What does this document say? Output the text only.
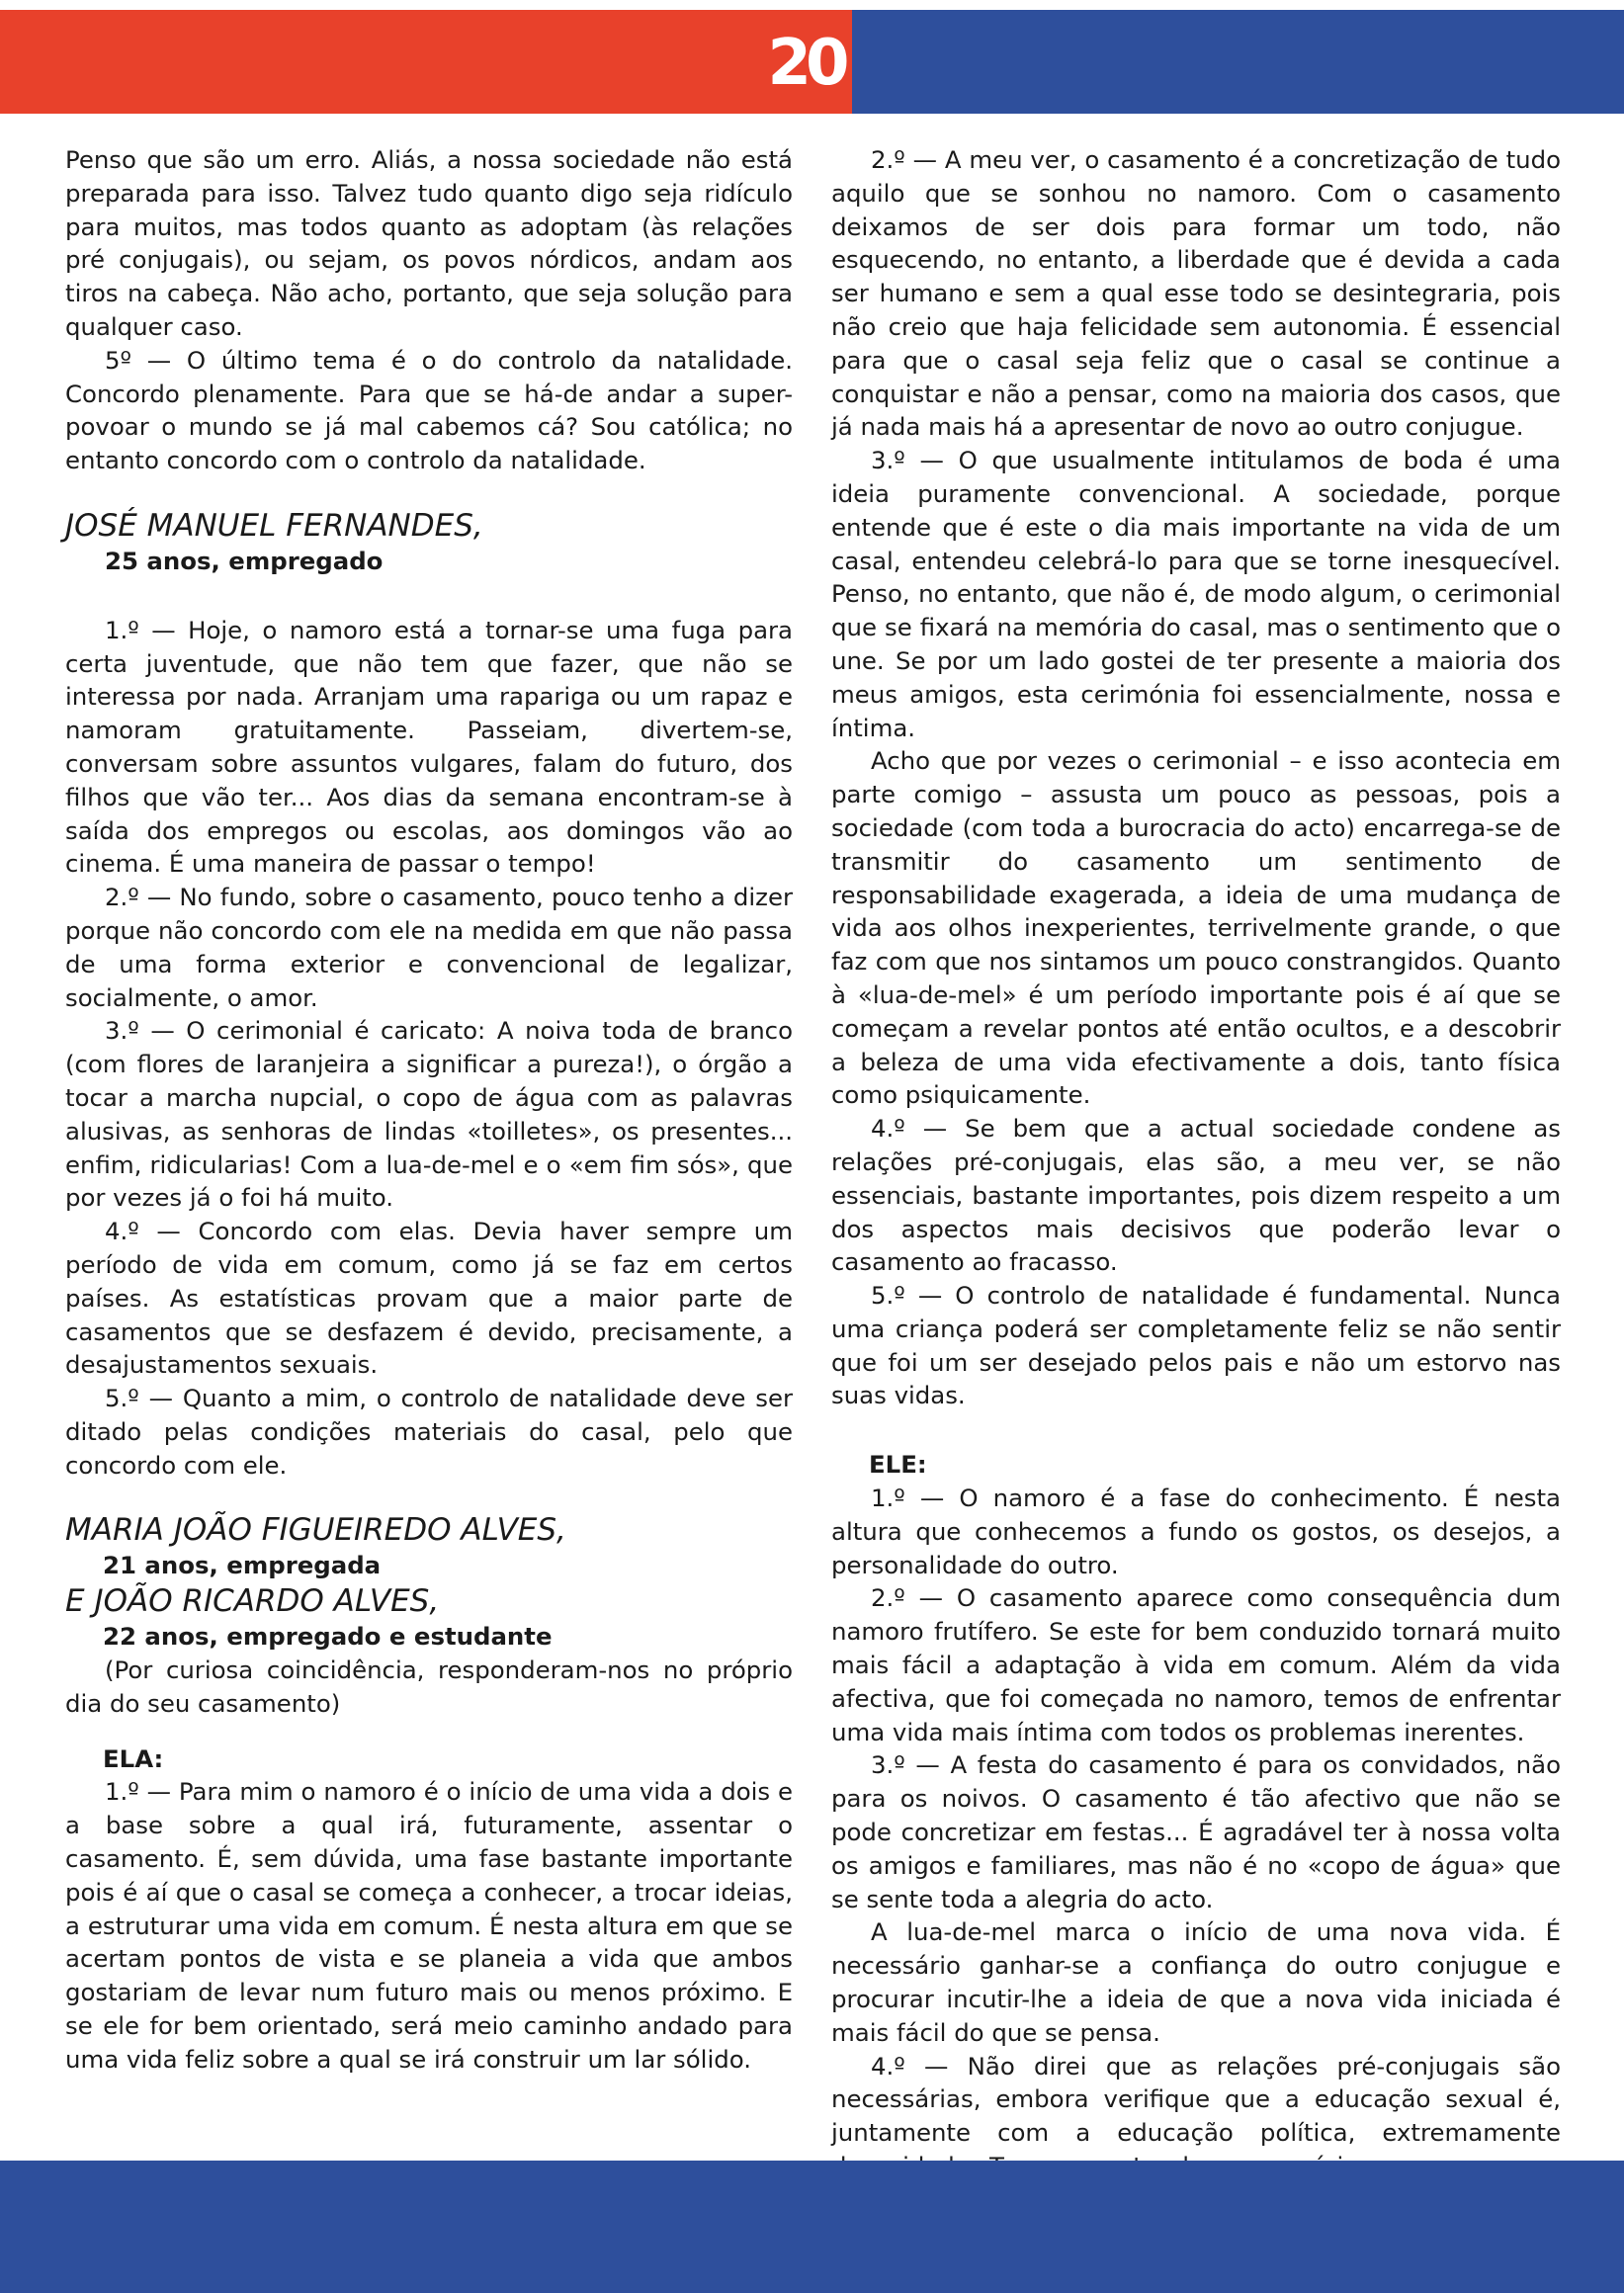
20

Penso que são um erro. Aliás, a nossa sociedade não está preparada para isso. Talvez tudo quanto digo seja ridículo para muitos, mas todos quanto as adoptam (às relações pré conjugais), ou sejam, os povos nórdicos, andam aos tiros na cabeça. Não acho, portanto, que seja solução para qualquer caso.

5º — O último tema é o do controlo da natalidade. Concordo plenamente. Para que se há-de andar a super-povoar o mundo se já mal cabemos cá? Sou católica; no entanto concordo com o controlo da natalidade.

JOSÉ MANUEL FERNANDES,

25 anos, empregado

1.º — Hoje, o namoro está a tornar-se uma fuga para certa juventude, que não tem que fazer, que não se interessa por nada. Arranjam uma rapariga ou um rapaz e namoram gratuitamente. Passeiam, divertem-se, conversam sobre assuntos vulgares, falam do futuro, dos filhos que vão ter... Aos dias da semana encontram-se à saída dos empregos ou escolas, aos domingos vão ao cinema. É uma maneira de passar o tempo!

2.º — No fundo, sobre o casamento, pouco tenho a dizer porque não concordo com ele na medida em que não passa de uma forma exterior e convencional de legalizar, socialmente, o amor.

3.º — O cerimonial é caricato: A noiva toda de branco (com flores de laranjeira a significar a pureza!), o órgão a tocar a marcha nupcial, o copo de água com as palavras alusivas, as senhoras de lindas «toilletes», os presentes... enfim, ridicularias! Com a lua-de-mel e o «em fim sós», que por vezes já o foi há muito.

4.º — Concordo com elas. Devia haver sempre um período de vida em comum, como já se faz em certos países. As estatísticas provam que a maior parte de casamentos que se desfazem é devido, precisamente, a desajustamentos sexuais.

5.º — Quanto a mim, o controlo de natalidade deve ser ditado pelas condições materiais do casal, pelo que concordo com ele.

MARIA JOÃO FIGUEIREDO ALVES,

21 anos, empregada

E JOÃO RICARDO ALVES,

22 anos, empregado e estudante

(Por curiosa coincidência, responderam-nos no próprio dia do seu casamento)

ELA:

1.º — Para mim o namoro é o início de uma vida a dois e a base sobre a qual irá, futuramente, assentar o casamento. É, sem dúvida, uma fase bastante importante pois é aí que o casal se começa a conhecer, a trocar ideias, a estruturar uma vida em comum. É nesta altura em que se acertam pontos de vista e se planeia a vida que ambos gostariam de levar num futuro mais ou menos próximo. E se ele for bem orientado, será meio caminho andado para uma vida feliz sobre a qual se irá construir um lar sólido.

2.º — A meu ver, o casamento é a concretização de tudo aquilo que se sonhou no namoro. Com o casamento deixamos de ser dois para formar um todo, não esquecendo, no entanto, a liberdade que é devida a cada ser humano e sem a qual esse todo se desintegraria, pois não creio que haja felicidade sem autonomia. É essencial para que o casal seja feliz que o casal se continue a conquistar e não a pensar, como na maioria dos casos, que já nada mais há a apresentar de novo ao outro conjugue.

3.º — O que usualmente intitulamos de boda é uma ideia puramente convencional. A sociedade, porque entende que é este o dia mais importante na vida de um casal, entendeu celebrá-lo para que se torne inesquecível. Penso, no entanto, que não é, de modo algum, o cerimonial que se fixará na memória do casal, mas o sentimento que o une. Se por um lado gostei de ter presente a maioria dos meus amigos, esta cerimónia foi essencialmente, nossa e íntima.

Acho que por vezes o cerimonial – e isso acontecia em parte comigo – assusta um pouco as pessoas, pois a sociedade (com toda a burocracia do acto) encarrega-se de transmitir do casamento um sentimento de responsabilidade exagerada, a ideia de uma mudança de vida aos olhos inexperientes, terrivelmente grande, o que faz com que nos sintamos um pouco constrangidos. Quanto à «lua-de-mel» é um período importante pois é aí que se começam a revelar pontos até então ocultos, e a descobrir a beleza de uma vida efectivamente a dois, tanto física como psiquicamente.

4.º — Se bem que a actual sociedade condene as relações pré-conjugais, elas são, a meu ver, se não essenciais, bastante importantes, pois dizem respeito a um dos aspectos mais decisivos que poderão levar o casamento ao fracasso.

5.º — O controlo de natalidade é fundamental. Nunca uma criança poderá ser completamente feliz se não sentir que foi um ser desejado pelos pais e não um estorvo nas suas vidas.

ELE:

1.º — O namoro é a fase do conhecimento. É nesta altura que conhecemos a fundo os gostos, os desejos, a personalidade do outro.

2.º — O casamento aparece como consequência dum namoro frutífero. Se este for bem conduzido tornará muito mais fácil a adaptação à vida em comum. Além da vida afectiva, que foi começada no namoro, temos de enfrentar uma vida mais íntima com todos os problemas inerentes.

3.º — A festa do casamento é para os convidados, não para os noivos. O casamento é tão afectivo que não se pode concretizar em festas... É agradável ter à nossa volta os amigos e familiares, mas não é no «copo de água» que se sente toda a alegria do acto.

A lua-de-mel marca o início de uma nova vida. É necessário ganhar-se a confiança do outro conjugue e procurar incutir-lhe a ideia de que a nova vida iniciada é mais fácil do que se pensa.

4.º — Não direi que as relações pré-conjugais são necessárias, embora verifique que a educação sexual é, juntamente com a educação política, extremamente
